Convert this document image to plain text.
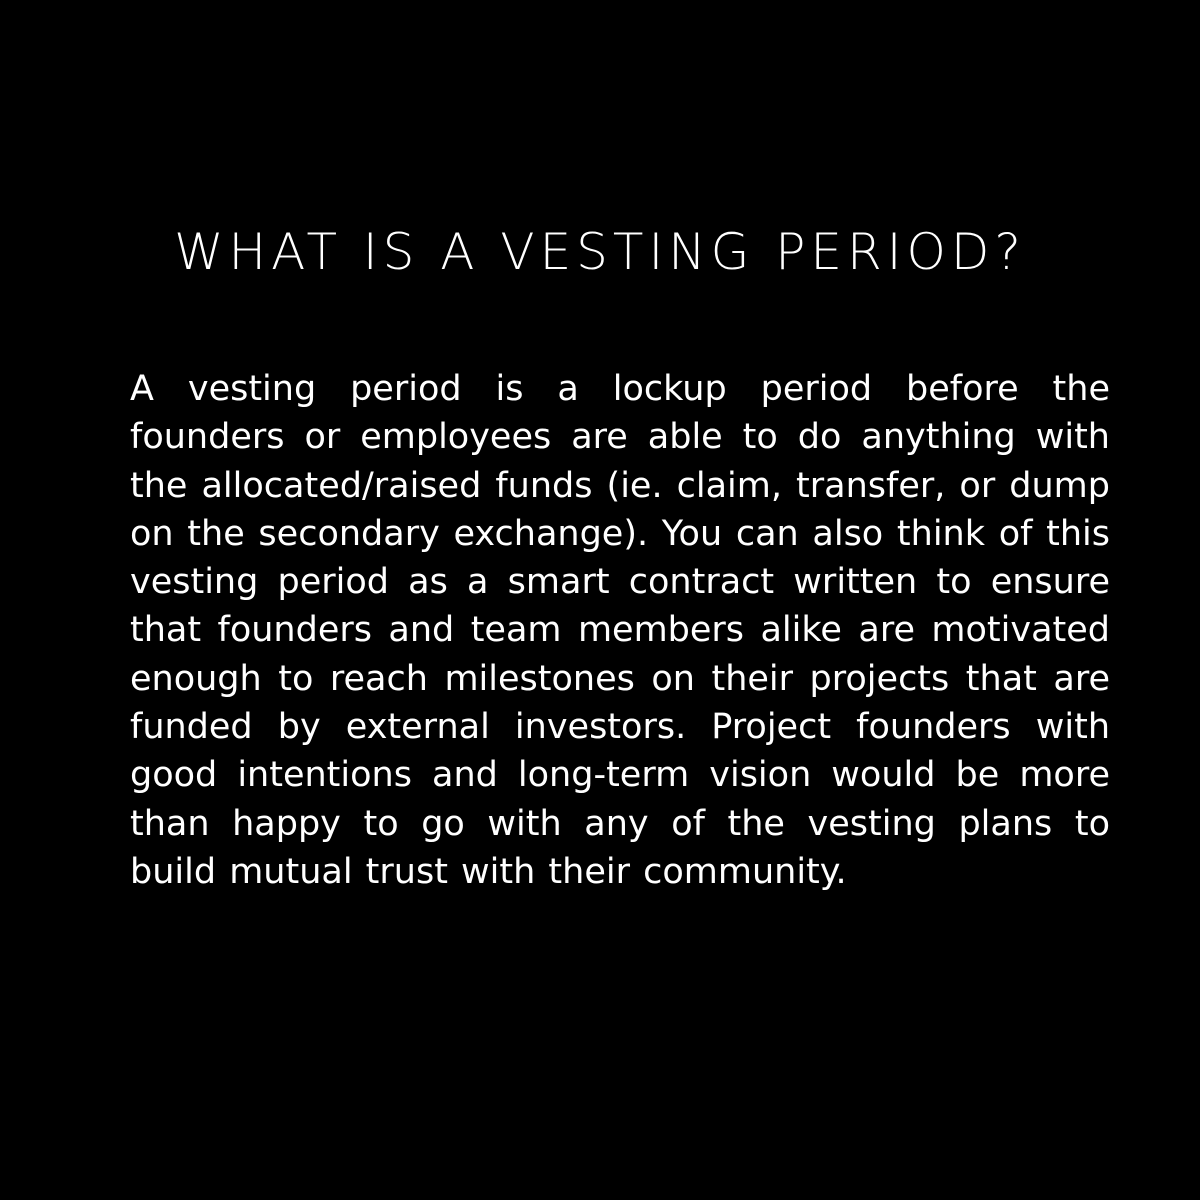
WHAT IS A VESTING PERIOD?

A vesting period is a lockup period before the founders or employees are able to do anything with the allocated/raised funds (ie. claim, transfer, or dump on the secondary exchange). You can also think of this vesting period as a smart contract written to ensure that founders and team members alike are motivated enough to reach milestones on their projects that are funded by external investors. Project founders with good intentions and long-term vision would be more than happy to go with any of the vesting plans to build mutual trust with their community.
